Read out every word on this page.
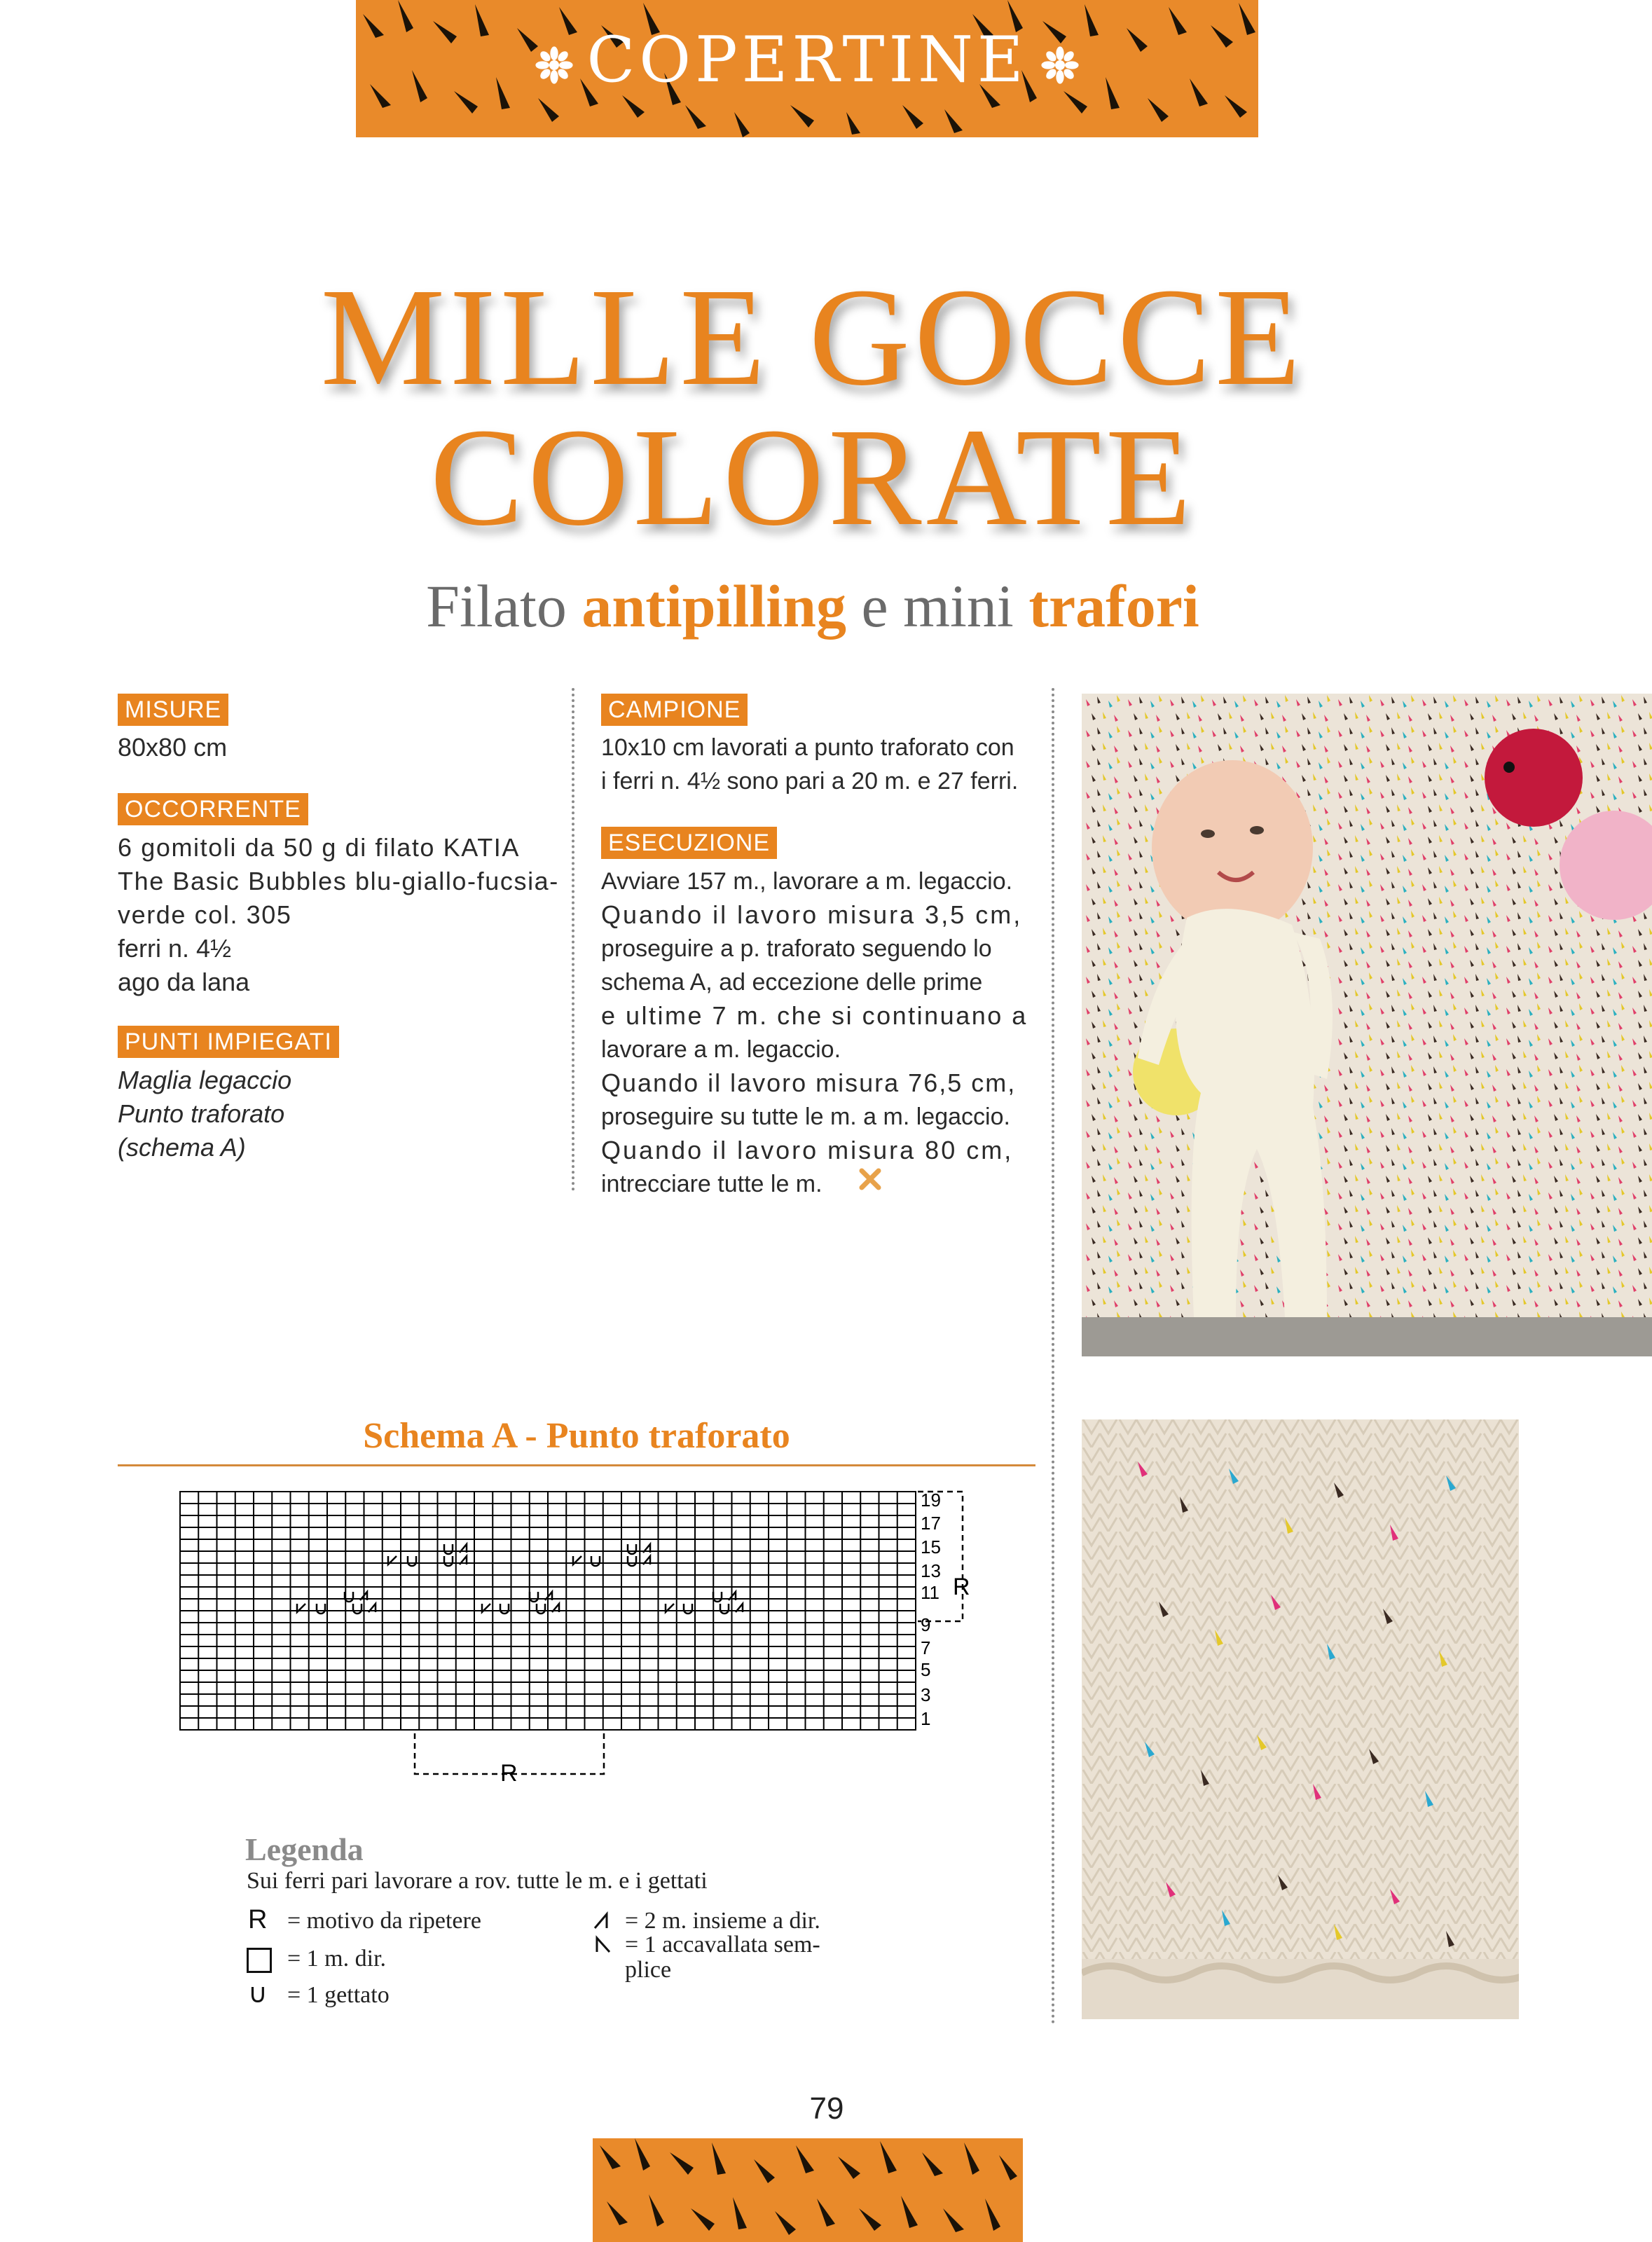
COPERTINE
MILLE GOCCE
COLORATE
Filato antipilling e mini trafori
MISURE
80x80 cm
OCCORRENTE
6 gomitoli da 50 g di filato KATIA
The Basic Bubbles blu-giallo-fucsia-
verde col. 305
ferri n. 4½
ago da lana
PUNTI IMPIEGATI
Maglia legaccio
Punto traforato
(schema A)
CAMPIONE
10x10 cm lavorati a punto traforato con
i ferri n. 4½ sono pari a 20 m. e 27 ferri.
ESECUZIONE
Avviare 157 m., lavorare a m. legaccio.
Quando il lavoro misura 3,5 cm,
proseguire a p. traforato seguendo lo
schema A, ad eccezione delle prime
e ultime 7 m. che si continuano a
lavorare a m. legaccio.
Quando il lavoro misura 76,5 cm,
proseguire su tutte le m. a m. legaccio.
Quando il lavoro misura 80 cm,
intrecciare tutte le m.
Schema A - Punto traforato
19
17
15
13
11
9
7
5
3
1
R
R
Legenda
Sui ferri pari lavorare a rov. tutte le m. e i gettati
R = motivo da ripetere
= 1 m. dir.
∪ = 1 gettato
= 2 m. insieme a dir.
= 1 accavallata sem-
plice
79
